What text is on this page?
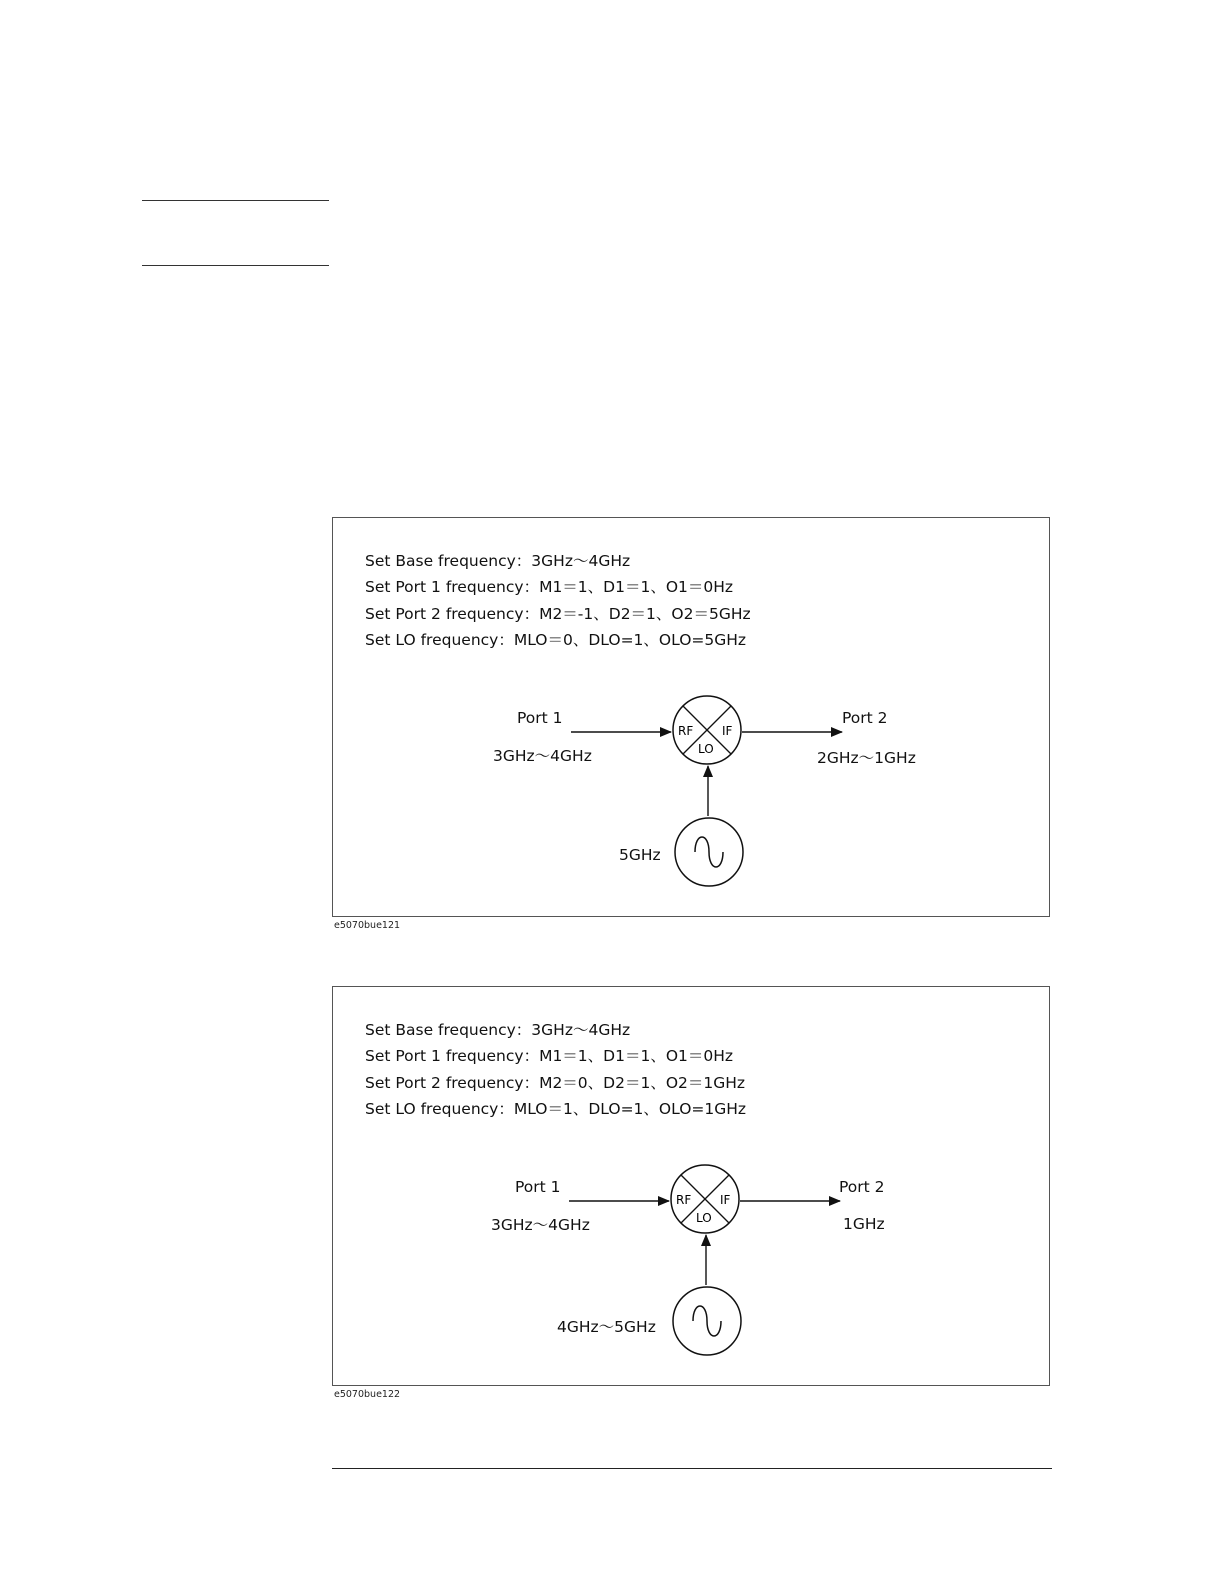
Set Base frequency：3GHz～4GHz
Set Port 1 frequency：M1＝1、D1＝1、O1＝0Hz
Set Port 2 frequency：M2＝-1、D2＝1、O2＝5GHz
Set LO frequency：MLO＝0、DLO=1、OLO=5GHz
RF IF
LO
Port 1
3GHz～4GHz
Port 2
2GHz～1GHz
5GHz
e5070bue121
Set Base frequency：3GHz～4GHz
Set Port 1 frequency：M1＝1、D1＝1、O1＝0Hz
Set Port 2 frequency：M2＝0、D2＝1、O2＝1GHz
Set LO frequency：MLO＝1、DLO=1、OLO=1GHz
RF IF
LO
Port 1
3GHz～4GHz
Port 2
1GHz
4GHz～5GHz
e5070bue122
